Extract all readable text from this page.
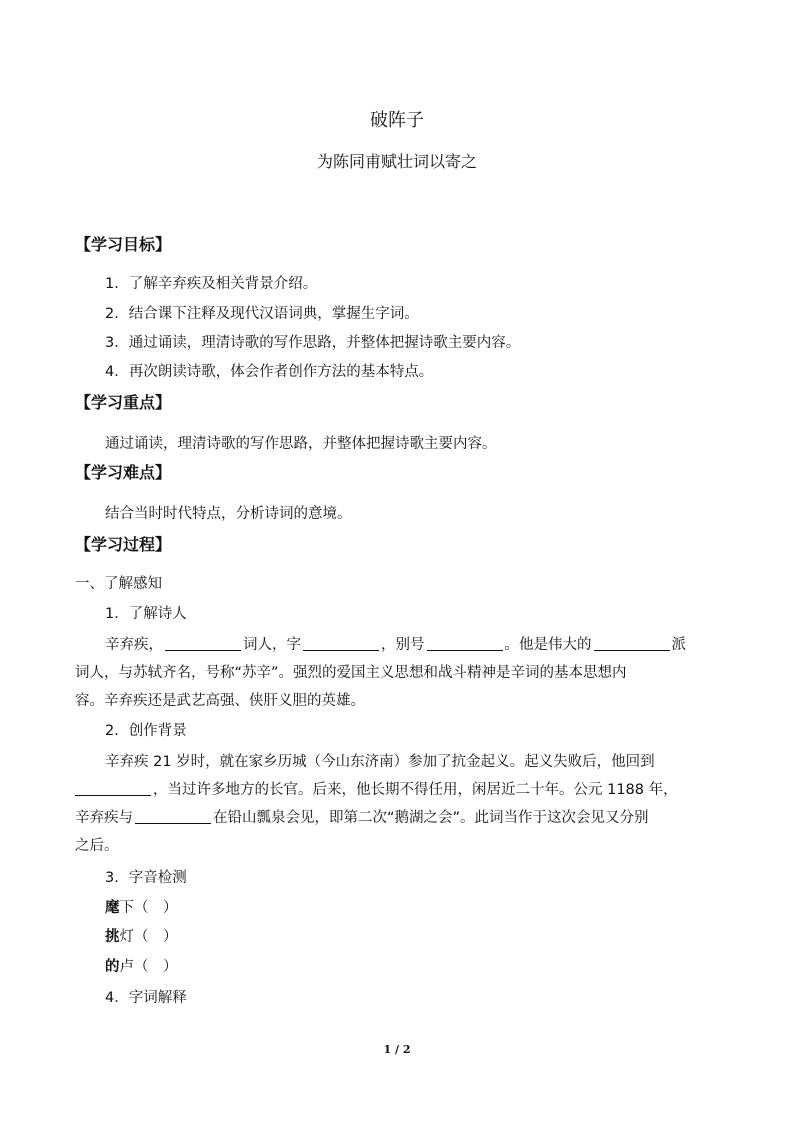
破阵子
为陈同甫赋壮词以寄之
【学习目标】
1．了解辛弃疾及相关背景介绍。
2．结合课下注释及现代汉语词典，掌握生字词。
3．通过诵读，理清诗歌的写作思路，并整体把握诗歌主要内容。
4．再次朗读诗歌，体会作者创作方法的基本特点。
【学习重点】
通过诵读，理清诗歌的写作思路，并整体把握诗歌主要内容。
【学习难点】
结合当时时代特点，分析诗词的意境。
【学习过程】
一、了解感知
1．了解诗人
辛弃疾，	词人，字	，别号	。他是伟大的	派
词人，与苏轼齐名，号称“苏辛”。强烈的爱国主义思想和战斗精神是辛词的基本思想内
容。辛弃疾还是武艺高强、侠肝义胆的英雄。
2．创作背景
辛弃疾 21 岁时，就在家乡历城（今山东济南）参加了抗金起义。起义失败后，他回到
，当过许多地方的长官。后来，他长期不得任用，闲居近二十年。公元 1188 年，
辛弃疾与	在铅山瓢泉会见，即第二次“鹅湖之会”。此词当作于这次会见又分别
之后。
3．字音检测
麾下（　）
挑灯（　）
的卢（　）
4．字词解释
1 / 2
